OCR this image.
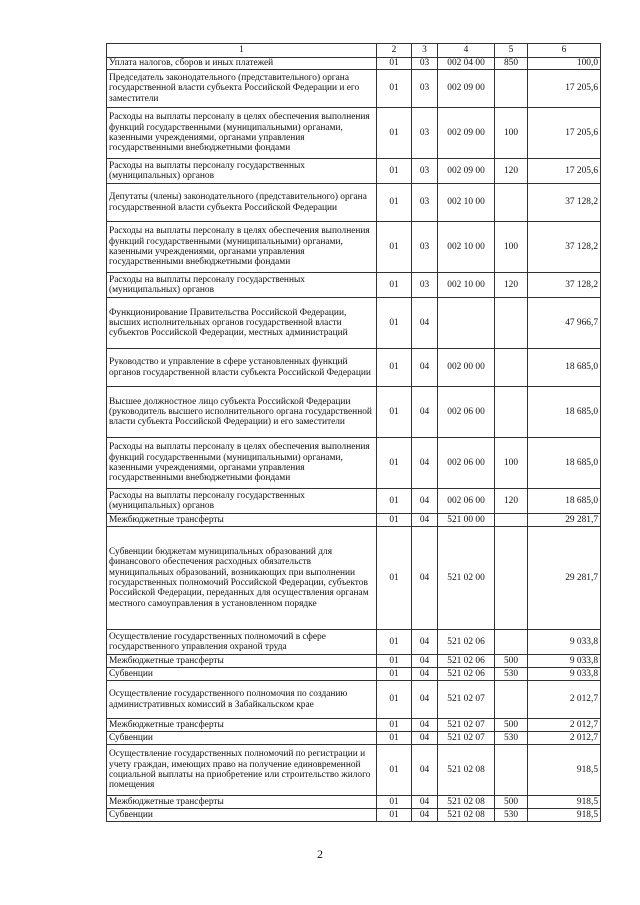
1	2	3	4	5	6
Уплата налогов, сборов и иных платежей	01	03	002 04 00	850	100,0
Председатель законодательного (представительного) органа государственной власти субъекта Российской Федерации и его заместители	01	03	002 09 00		17 205,6
Расходы на выплаты персоналу в целях обеспечения выполнения функций государственными (муниципальными) органами, казенными учреждениями, органами управления государственными внебюджетными фондами	01	03	002 09 00	100	17 205,6
Расходы на выплаты персоналу государственных (муниципальных) органов	01	03	002 09 00	120	17 205,6
Депутаты (члены) законодательного (представительного) органа государственной власти субъекта Российской Федерации	01	03	002 10 00		37 128,2
Расходы на выплаты персоналу в целях обеспечения выполнения функций государственными (муниципальными) органами, казенными учреждениями, органами управления государственными внебюджетными фондами	01	03	002 10 00	100	37 128,2
Расходы на выплаты персоналу государственных (муниципальных) органов	01	03	002 10 00	120	37 128,2
Функционирование Правительства Российской Федерации, высших исполнительных органов государственной власти субъектов Российской Федерации, местных администраций	01	04			47 966,7
Руководство и управление в сфере установленных функций органов государственной власти субъекта Российской Федерации	01	04	002 00 00		18 685,0
Высшее должностное лицо субъекта Российской Федерации (руководитель высшего исполнительного органа государственной власти субъекта Российской Федерации) и его заместители	01	04	002 06 00		18 685,0
Расходы на выплаты персоналу в целях обеспечения выполнения функций государственными (муниципальными) органами, казенными учреждениями, органами управления государственными внебюджетными фондами	01	04	002 06 00	100	18 685,0
Расходы на выплаты персоналу государственных (муниципальных) органов	01	04	002 06 00	120	18 685,0
Межбюджетные трансферты	01	04	521 00 00		29 281,7
Субвенции бюджетам муниципальных образований для финансового обеспечения расходных обязательств муниципальных образований, возникающих при выполнении государственных полномочий Российской Федерации, субъектов Российской Федерации, переданных для осуществления органам местного самоуправления в установленном порядке	01	04	521 02 00		29 281,7
Осуществление государственных полномочий в сфере государственного управления охраной труда	01	04	521 02 06		9 033,8
Межбюджетные трансферты	01	04	521 02 06	500	9 033,8
Субвенции	01	04	521 02 06	530	9 033,8
Осуществление государственного полномочия по созданию административных комиссий в Забайкальском крае	01	04	521 02 07		2 012,7
Межбюджетные трансферты	01	04	521 02 07	500	2 012,7
Субвенции	01	04	521 02 07	530	2 012,7
Осуществление государственных полномочий по регистрации и учету граждан, имеющих право на получение единовременной социальной выплаты на приобретение или строительство жилого помещения	01	04	521 02 08		918,5
Межбюджетные трансферты	01	04	521 02 08	500	918,5
Субвенции	01	04	521 02 08	530	918,5
2
